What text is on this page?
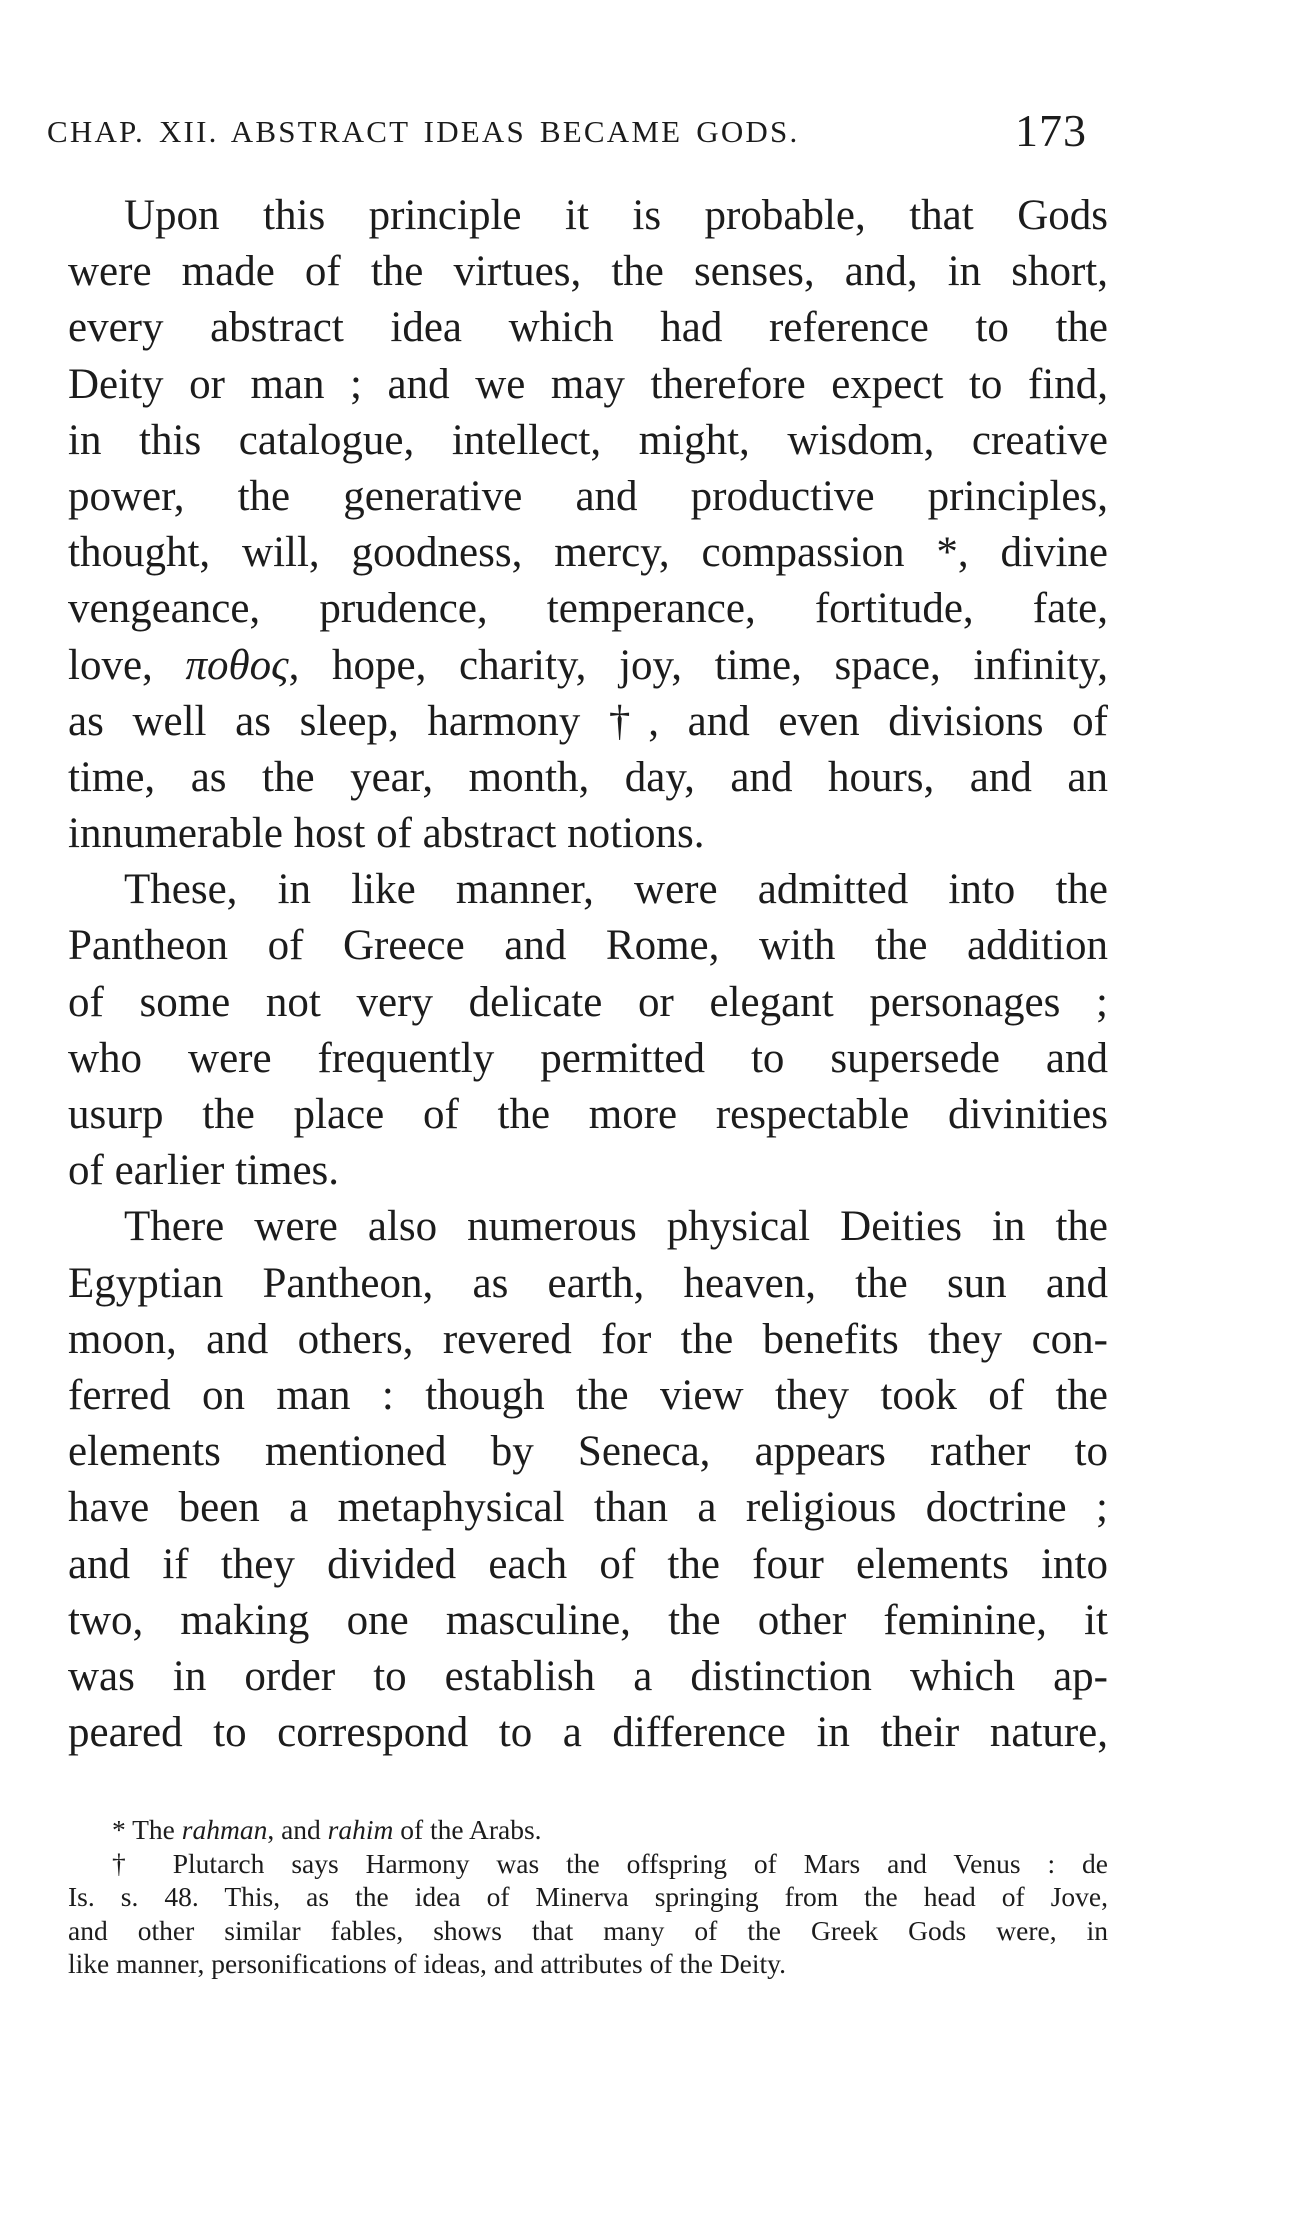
CHAP. XII. ABSTRACT IDEAS BECAME GODS.	173
Upon this principle it is probable, that Gods
were made of the virtues, the senses, and, in short,
every abstract idea which had reference to the
Deity or man ; and we may therefore expect to find,
in this catalogue, intellect, might, wisdom, creative
power, the generative and productive principles,
thought, will, goodness, mercy, compassion *, divine
vengeance, prudence, temperance, fortitude, fate,
love, ποθος, hope, charity, joy, time, space, infinity,
as well as sleep, harmony †, and even divisions of
time, as the year, month, day, and hours, and an
innumerable host of abstract notions.
These, in like manner, were admitted into the
Pantheon of Greece and Rome, with the addition
of some not very delicate or elegant personages ;
who were frequently permitted to supersede and
usurp the place of the more respectable divinities
of earlier times.
There were also numerous physical Deities in the
Egyptian Pantheon, as earth, heaven, the sun and
moon, and others, revered for the benefits they con-
ferred on man : though the view they took of the
elements mentioned by Seneca, appears rather to
have been a metaphysical than a religious doctrine ;
and if they divided each of the four elements into
two, making one masculine, the other feminine, it
was in order to establish a distinction which ap-
peared to correspond to a difference in their nature,
* The rahman, and rahim of the Arabs.
† Plutarch says Harmony was the offspring of Mars and Venus : de
Is. s. 48. This, as the idea of Minerva springing from the head of Jove,
and other similar fables, shows that many of the Greek Gods were, in
like manner, personifications of ideas, and attributes of the Deity.
